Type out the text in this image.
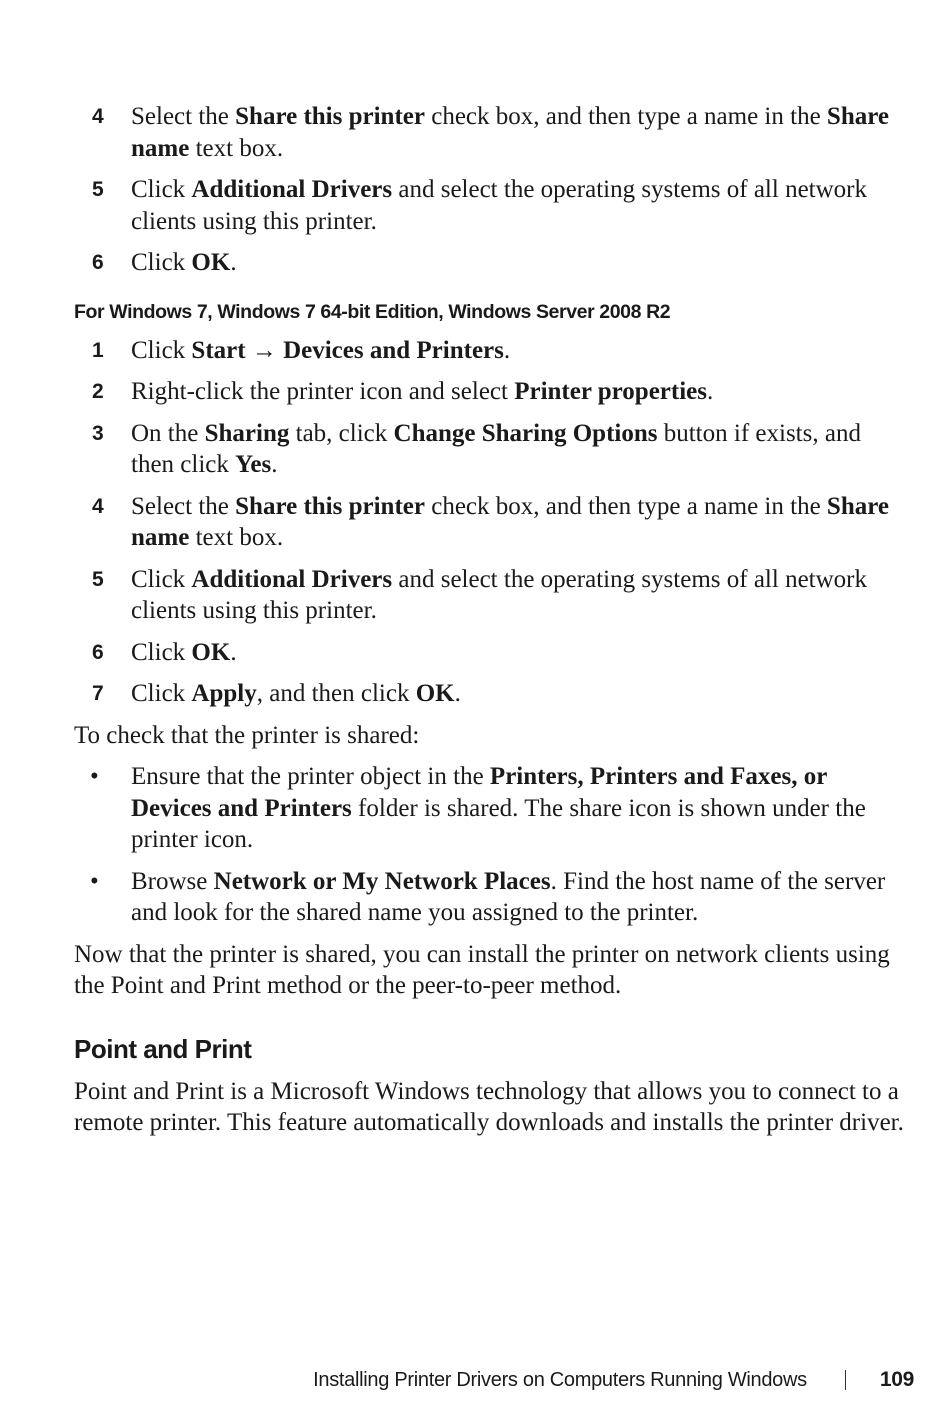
4	Select the Share this printer check box, and then type a name in the Share name text box.
5	Click Additional Drivers and select the operating systems of all network clients using this printer.
6	Click OK.
For Windows 7, Windows 7 64-bit Edition, Windows Server 2008 R2
1	Click Start → Devices and Printers.
2	Right-click the printer icon and select Printer properties.
3	On the Sharing tab, click Change Sharing Options button if exists, and then click Yes.
4	Select the Share this printer check box, and then type a name in the Share name text box.
5	Click Additional Drivers and select the operating systems of all network clients using this printer.
6	Click OK.
7	Click Apply, and then click OK.

To check that the printer is shared:

•	Ensure that the printer object in the Printers, Printers and Faxes, or Devices and Printers folder is shared. The share icon is shown under the printer icon.
•	Browse Network or My Network Places. Find the host name of the server and look for the shared name you assigned to the printer.

Now that the printer is shared, you can install the printer on network clients using the Point and Print method or the peer-to-peer method.

Point and Print

Point and Print is a Microsoft Windows technology that allows you to connect to a remote printer. This feature automatically downloads and installs the printer driver.

Installing Printer Drivers on Computers Running Windows	109
